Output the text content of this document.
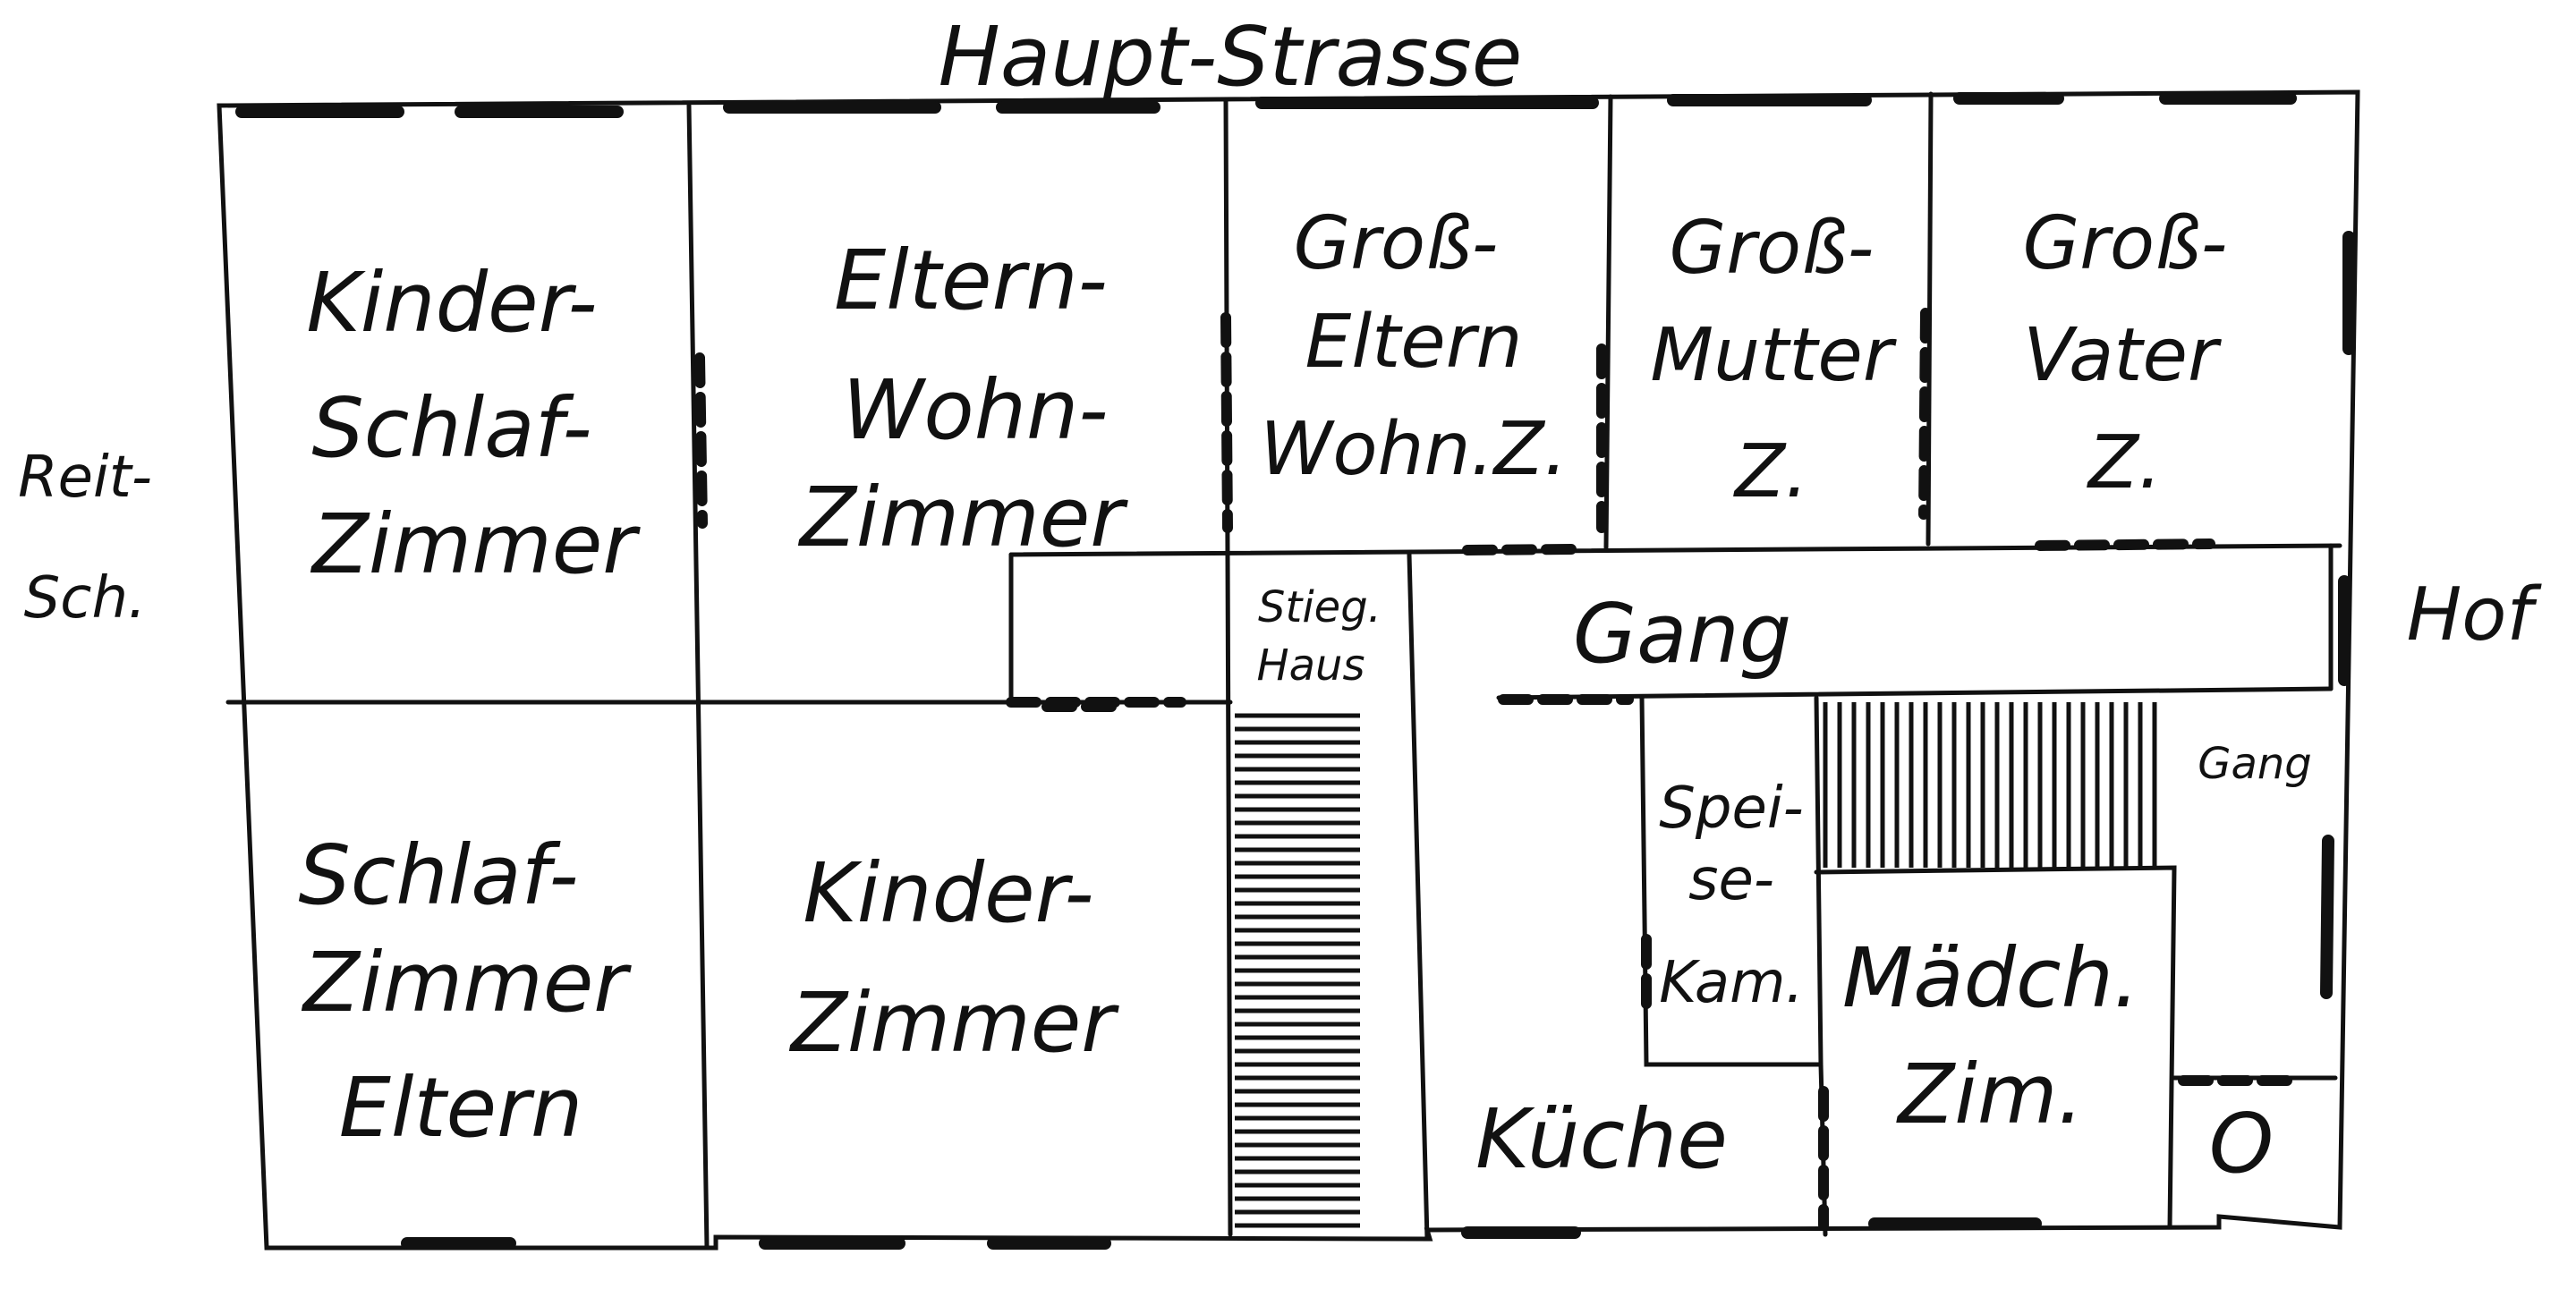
Haupt-Strasse
Reit-
Sch.	Hof
Kinder-
Schlaf-
Zimmer
Eltern-
Wohn-
Zimmer
Groß-
Eltern
Wohn.Z.
Groß-
Mutter
Z.
Groß-
Vater
Z.
Stieg.
Haus	Gang
Gang
Schlaf-
Zimmer
Eltern
Kinder-
Zimmer
Spei-
se-
Kam. Mädch.
Zim.
Küche	O
